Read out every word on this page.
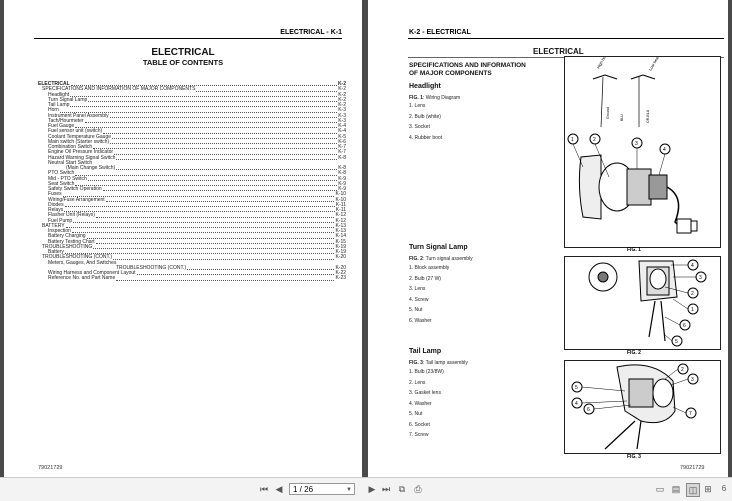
ELECTRICAL - K-1
ELECTRICAL
TABLE OF CONTENTS
ELECTRICAL	K-2
SPECIFICATIONS AND INFORMATION OF MAJOR COMPONENTS	K-2
Headlight	K-2
Turn Signal Lamp	K-2
Tail Lamp	K-2
Horn	K-3
Instrument Panel Assembly	K-3
Tach/Hourmeter	K-3
Fuel Gauge	K-4
Fuel sensor unit (switch)	K-4
Coolant Temperature Gauge	K-5
Main switch (Starter switch)	K-6
Combination Switch	K-7
Engine Oil Pressure Indicator	K-7
Hazard Warning Signal Switch	K-8
Neutral Start Switch
(Main Change Switch)	K-8
PTO Switch	K-8
Mid - PTO Switch	K-9
Seat Switch	K-9
Safety Switch Operation	K-9
Fuses	K-10
Wiring/Fuse Arrangement	K-10
Diodes	K-11
Relays	K-11
Flasher Unit (Relays)	K-12
Fuel Pump	K-12
BATTERY	K-13
Inspection	K-13
Battery Charging	K-14
Battery Testing Chart	K-15
TROUBLESHOOTING	K-19
Battery	K-19
TROUBLESHOOTING (CONT.)	K-20
Meters, Gauges, And Switches
TROUBLESHOOTING (CONT.)	K-20
Wiring Harness and Component Layout	K-22
Reference No. and Part Name	K-23
79021729
K-2 - ELECTRICAL
ELECTRICAL
SPECIFICATIONS AND INFORMATION
OF MAJOR COMPONENTS
Headlight
FIG. 1: Wiring Diagram
1. Lens
2. Bulb (white)
3. Socket
4. Rubber boot
High beam	Low beam
Ground	BLU	OR-BLU
1	2
3
4
FIG. 1
Turn Signal Lamp
FIG. 2: Turn signal assembly
1. Block assembly
2. Bulb (27 W)
3. Lens
4. Screw
5. Nut
6. Washer
4
3
2
1
6
5
FIG. 2
Tail Lamp
FIG. 3: Tail lamp assembly
1. Bulb (23/8W)
2. Lens
3. Gasket lens
4. Washer
5. Nut
6. Socket
7. Screw
5
4
6
2
3
7
FIG. 3
79021729
⏮ ◀	1 / 26	▼ ▶ ⏭ ⧉	⎙	▭ ▤ ◫ ⊞	6
